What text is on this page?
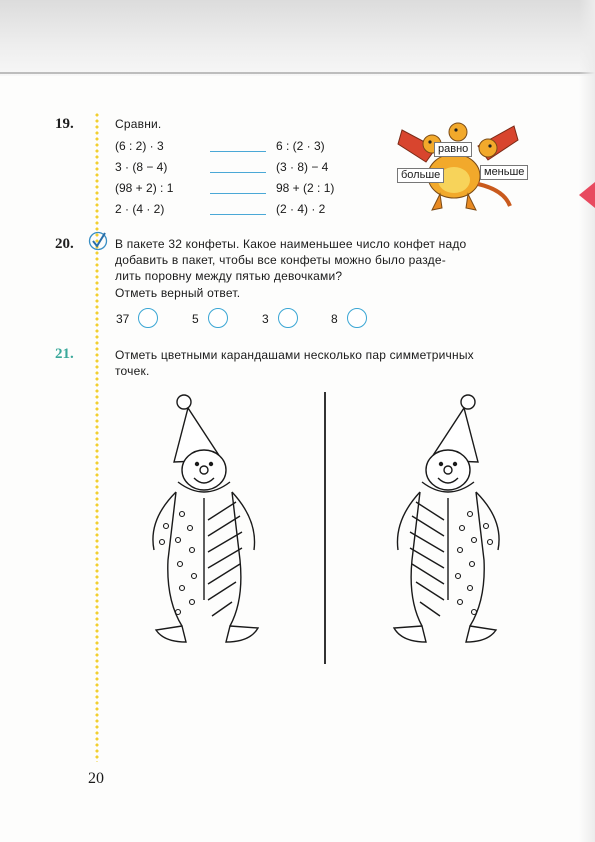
19.	Сравни.
(6 : 2) · 3	6 : (2 · 3)
3 · (8 − 4)	(3 · 8) − 4
(98 + 2) : 1	98 + (2 : 1)
2 · (4 · 2)	(2 · 4) · 2
равно
больше	меньше
20.	В пакете 32 конфеты. Какое наименьшее число конфет надо
добавить в пакет, чтобы все конфеты можно было разде-
лить поровну между пятью девочками?
Отметь верный ответ.
37	5	3	8
21.	Отметь цветными карандашами несколько пар симметричных
точек.
20
